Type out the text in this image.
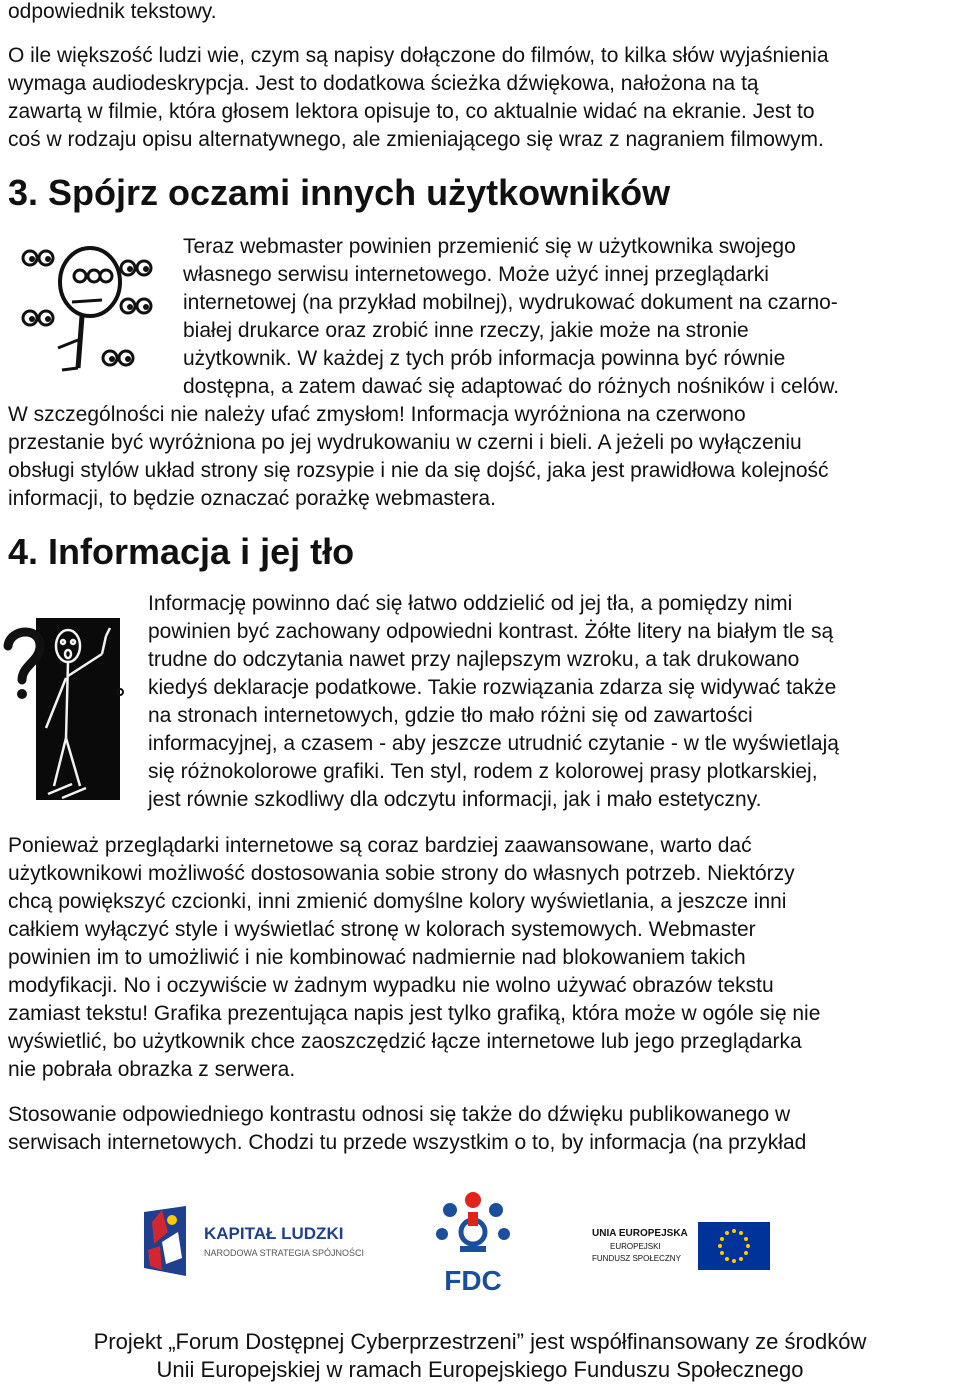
odpowiednik tekstowy.

O ile większość ludzi wie, czym są napisy dołączone do filmów, to kilka słów wyjaśnienia
wymaga audiodeskrypcja. Jest to dodatkowa ścieżka dźwiękowa, nałożona na tą
zawartą w filmie, która głosem lektora opisuje to, co aktualnie widać na ekranie. Jest to
coś w rodzaju opisu alternatywnego, ale zmieniającego się wraz z nagraniem filmowym.

3. Spójrz oczami innych użytkowników

Teraz webmaster powinien przemienić się w użytkownika swojego
własnego serwisu internetowego. Może użyć innej przeglądarki
internetowej (na przykład mobilnej), wydrukować dokument na czarno-
białej drukarce oraz zrobić inne rzeczy, jakie może na stronie
użytkownik. W każdej z tych prób informacja powinna być równie
dostępna, a zatem dawać się adaptować do różnych nośników i celów.

W szczególności nie należy ufać zmysłom! Informacja wyróżniona na czerwono
przestanie być wyróżniona po jej wydrukowaniu w czerni i bieli. A jeżeli po wyłączeniu
obsługi stylów układ strony się rozsypie i nie da się dojść, jaka jest prawidłowa kolejność
informacji, to będzie oznaczać porażkę webmastera.

4. Informacja i jej tło

Informację powinno dać się łatwo oddzielić od jej tła, a pomiędzy nimi
powinien być zachowany odpowiedni kontrast. Żółte litery na białym tle są
trudne do odczytania nawet przy najlepszym wzroku, a tak drukowano
kiedyś deklaracje podatkowe. Takie rozwiązania zdarza się widywać także
na stronach internetowych, gdzie tło mało różni się od zawartości
informacyjnej, a czasem - aby jeszcze utrudnić czytanie - w tle wyświetlają
się różnokolorowe grafiki. Ten styl, rodem z kolorowej prasy plotkarskiej,
jest równie szkodliwy dla odczytu informacji, jak i mało estetyczny.

Ponieważ przeglądarki internetowe są coraz bardziej zaawansowane, warto dać
użytkownikowi możliwość dostosowania sobie strony do własnych potrzeb. Niektórzy
chcą powiększyć czcionki, inni zmienić domyślne kolory wyświetlania, a jeszcze inni
całkiem wyłączyć style i wyświetlać stronę w kolorach systemowych. Webmaster
powinien im to umożliwić i nie kombinować nadmiernie nad blokowaniem takich
modyfikacji. No i oczywiście w żadnym wypadku nie wolno używać obrazów tekstu
zamiast tekstu! Grafika prezentująca napis jest tylko grafiką, która może w ogóle się nie
wyświetlić, bo użytkownik chce zaoszczędzić łącze internetowe lub jego przeglądarka
nie pobrała obrazka z serwera.

Stosowanie odpowiedniego kontrastu odnosi się także do dźwięku publikowanego w
serwisach internetowych. Chodzi tu przede wszystkim o to, by informacja (na przykład

KAPITAŁ LUDZKI
NARODOWA STRATEGIA SPÓJNOŚCI
FDC
UNIA EUROPEJSKA
EUROPEJSKI
FUNDUSZ SPOŁECZNY
Projekt „Forum Dostępnej Cyberprzestrzeni” jest współfinansowany ze środków
Unii Europejskiej w ramach Europejskiego Funduszu Społecznego
